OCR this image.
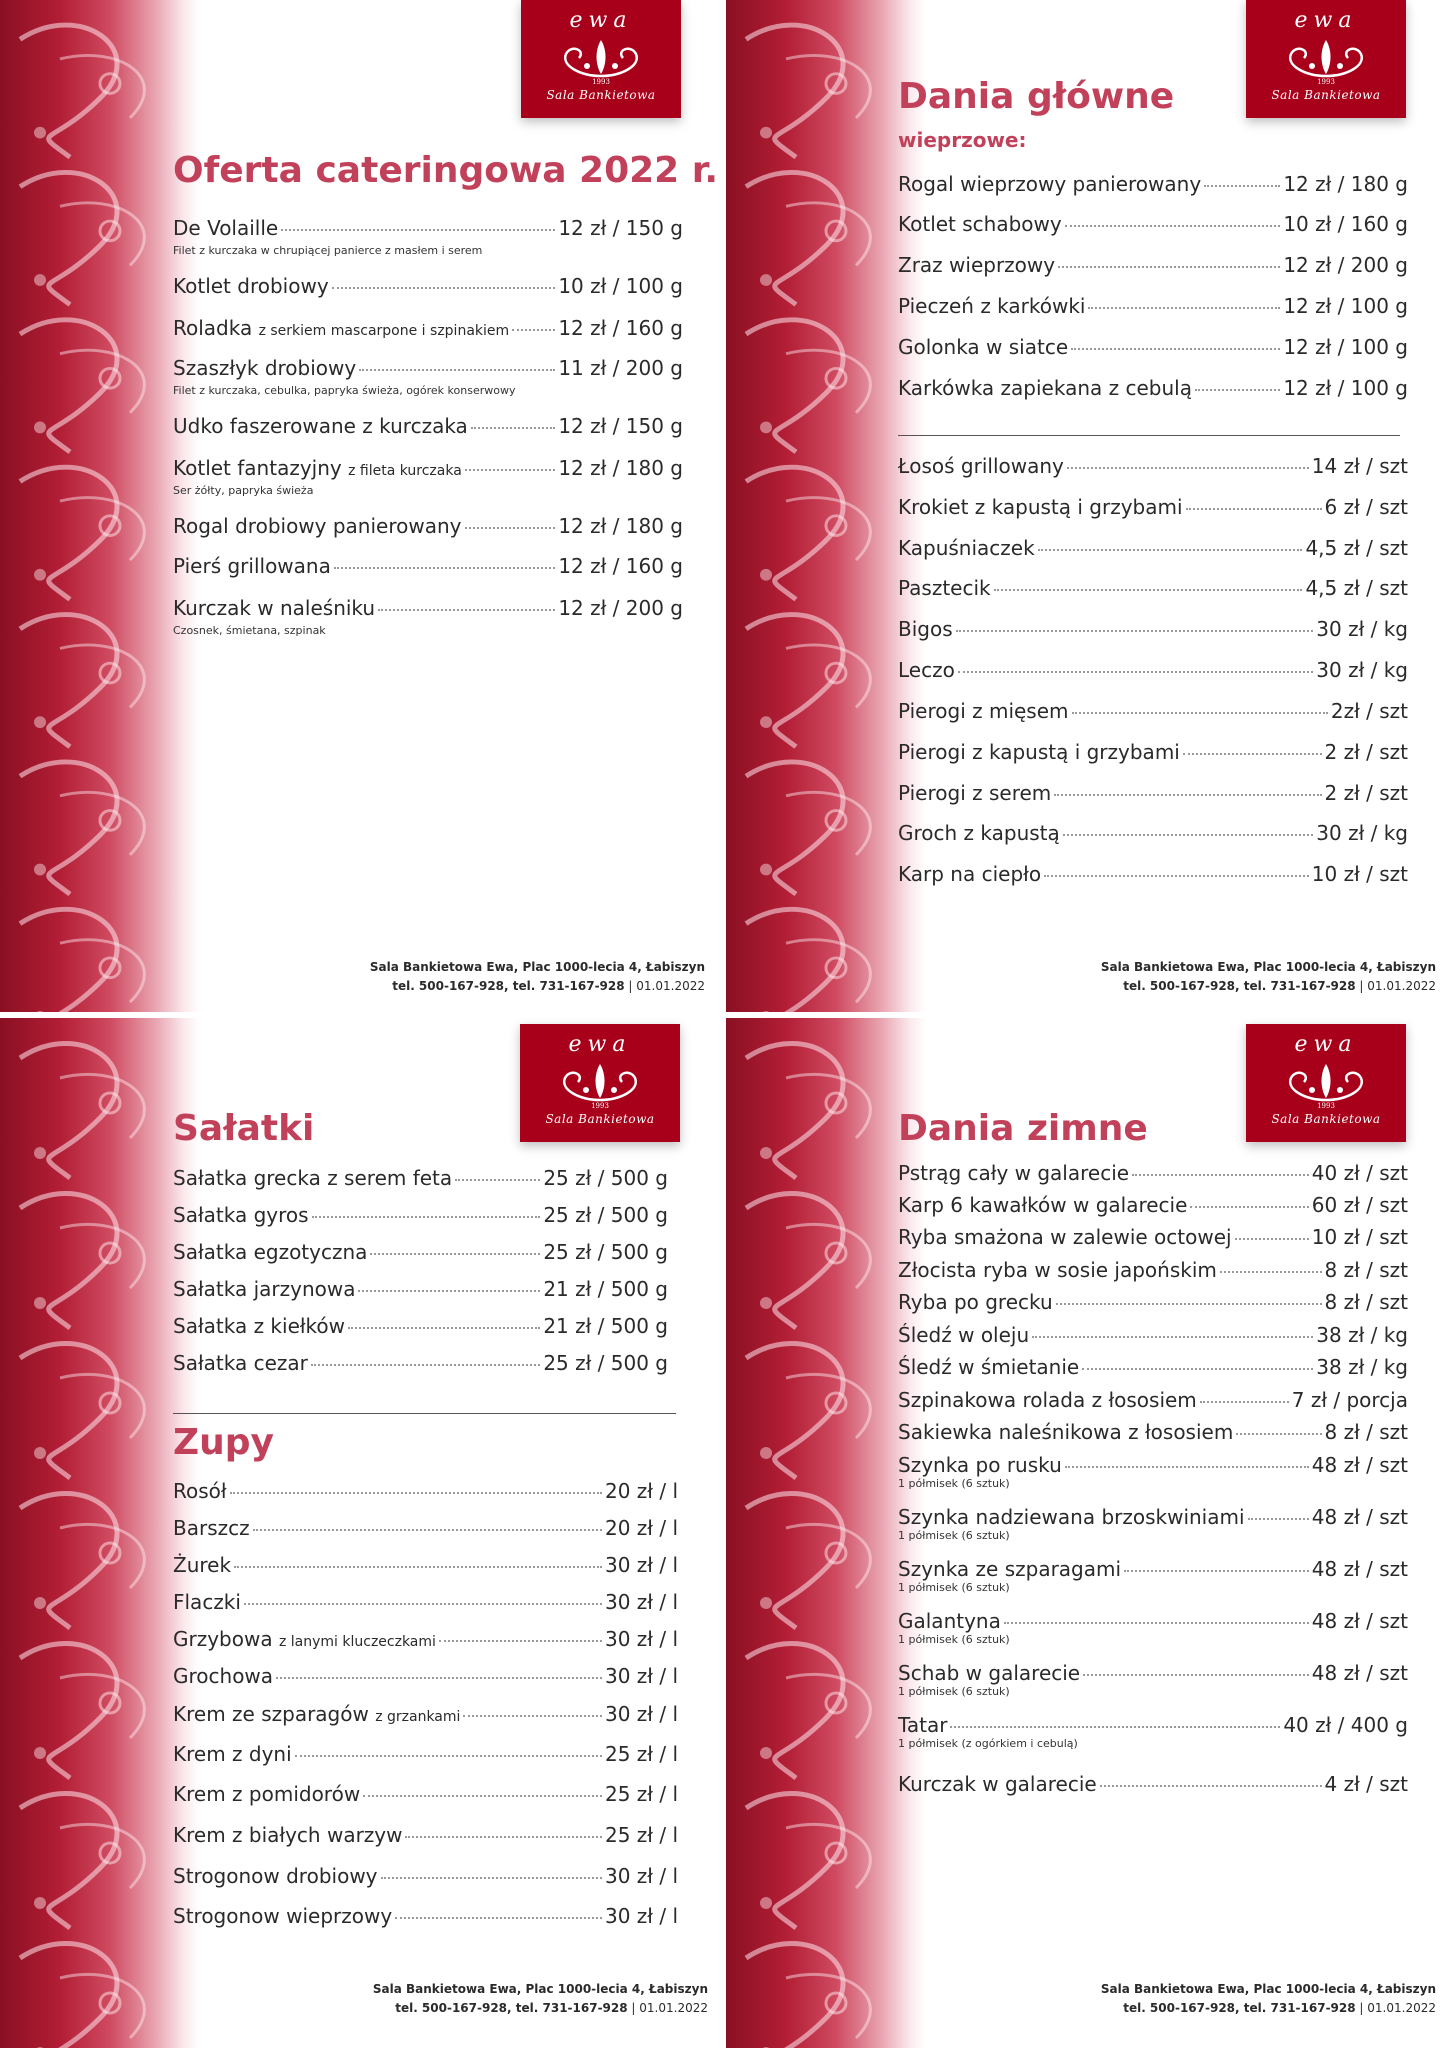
ewa
1993
Sala Bankietowa
Oferta cateringowa 2022 r.
De Volaille	12 zł / 150 g
Filet z kurczaka w chrupiącej panierce z masłem i serem
Kotlet drobiowy	10 zł / 100 g
Roladka z serkiem mascarpone i szpinakiem 12 zł / 160 g
Szaszłyk drobiowy	11 zł / 200 g
Filet z kurczaka, cebulka, papryka świeża, ogórek konserwowy
Udko faszerowane z kurczaka	12 zł / 150 g
Kotlet fantazyjny z fileta kurczaka	12 zł / 180 g
Ser żółty, papryka świeża
Rogal drobiowy panierowany	12 zł / 180 g
Pierś grillowana	12 zł / 160 g
Kurczak w naleśniku	12 zł / 200 g
Czosnek, śmietana, szpinak
Sala Bankietowa Ewa, Plac 1000-lecia 4, Łabiszyn
tel. 500-167-928, tel. 731-167-928 | 01.01.2022
ewa
1993
Sala Bankietowa
Dania główne
wieprzowe:
Rogal wieprzowy panierowany	12 zł / 180 g
Kotlet schabowy	10 zł / 160 g
Zraz wieprzowy	12 zł / 200 g
Pieczeń z karkówki	12 zł / 100 g
Golonka w siatce	12 zł / 100 g
Karkówka zapiekana z cebulą	12 zł / 100 g
Łosoś grillowany	14 zł / szt
Krokiet z kapustą i grzybami	6 zł / szt
Kapuśniaczek	4,5 zł / szt
Pasztecik	4,5 zł / szt
Bigos	30 zł / kg
Leczo	30 zł / kg
Pierogi z mięsem	2zł / szt
Pierogi z kapustą i grzybami	2 zł / szt
Pierogi z serem	2 zł / szt
Groch z kapustą	30 zł / kg
Karp na ciepło	10 zł / szt
Sala Bankietowa Ewa, Plac 1000-lecia 4, Łabiszyn
tel. 500-167-928, tel. 731-167-928 | 01.01.2022
ewa
1993
Sala Bankietowa
Sałatki
Sałatka grecka z serem feta	25 zł / 500 g
Sałatka gyros	25 zł / 500 g
Sałatka egzotyczna	25 zł / 500 g
Sałatka jarzynowa	21 zł / 500 g
Sałatka z kiełków	21 zł / 500 g
Sałatka cezar	25 zł / 500 g
Zupy
Rosół	20 zł / l
Barszcz	20 zł / l
Żurek	30 zł / l
Flaczki	30 zł / l
Grzybowa z lanymi kluczeczkami	30 zł / l
Grochowa	30 zł / l
Krem ze szparagów z grzankami	30 zł / l
Krem z dyni	25 zł / l
Krem z pomidorów	25 zł / l
Krem z białych warzyw	25 zł / l
Strogonow drobiowy	30 zł / l
Strogonow wieprzowy	30 zł / l
Sala Bankietowa Ewa, Plac 1000-lecia 4, Łabiszyn
tel. 500-167-928, tel. 731-167-928 | 01.01.2022
ewa
1993
Sala Bankietowa
Dania zimne
Pstrąg cały w galarecie	40 zł / szt
Karp 6 kawałków w galarecie	60 zł / szt
Ryba smażona w zalewie octowej	10 zł / szt
Złocista ryba w sosie japońskim	8 zł / szt
Ryba po grecku	8 zł / szt
Śledź w oleju	38 zł / kg
Śledź w śmietanie	38 zł / kg
Szpinakowa rolada z łososiem	7 zł / porcja
Sakiewka naleśnikowa z łososiem	8 zł / szt
Szynka po rusku	48 zł / szt
1 półmisek (6 sztuk)
Szynka nadziewana brzoskwiniami	48 zł / szt
1 półmisek (6 sztuk)
Szynka ze szparagami	48 zł / szt
1 półmisek (6 sztuk)
Galantyna	48 zł / szt
1 półmisek (6 sztuk)
Schab w galarecie	48 zł / szt
1 półmisek (6 sztuk)
Tatar	40 zł / 400 g
1 półmisek (z ogórkiem i cebulą)
Kurczak w galarecie	4 zł / szt
Sala Bankietowa Ewa, Plac 1000-lecia 4, Łabiszyn
tel. 500-167-928, tel. 731-167-928 | 01.01.2022
